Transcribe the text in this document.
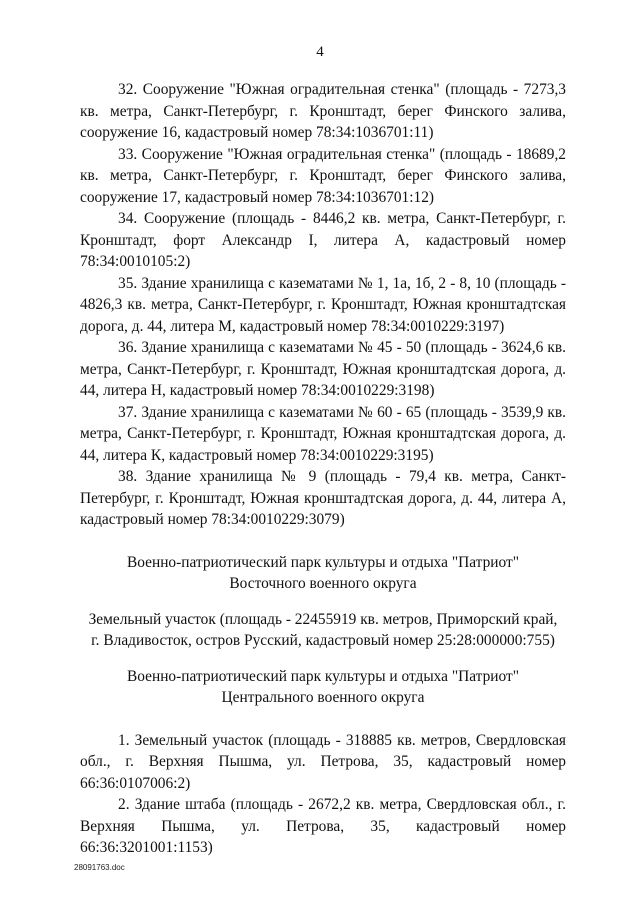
4

32. Сооружение "Южная оградительная стенка" (площадь - 7273,3 кв. метра, Санкт-Петербург, г. Кронштадт, берег Финского залива, сооружение 16, кадастровый номер 78:34:1036701:11)

33. Сооружение "Южная оградительная стенка" (площадь - 18689,2 кв. метра, Санкт-Петербург, г. Кронштадт, берег Финского залива, сооружение 17, кадастровый номер 78:34:1036701:12)

34. Сооружение (площадь - 8446,2 кв. метра, Санкт-Петербург, г. Кронштадт, форт Александр I, литера А, кадастровый номер 78:34:0010105:2)

35. Здание хранилища с казематами № 1, 1а, 1б, 2 - 8, 10 (площадь - 4826,3 кв. метра, Санкт-Петербург, г. Кронштадт, Южная кронштадтская дорога, д. 44, литера М, кадастровый номер 78:34:0010229:3197)

36. Здание хранилища с казематами № 45 - 50 (площадь - 3624,6 кв. метра, Санкт-Петербург, г. Кронштадт, Южная кронштадтская дорога, д. 44, литера Н, кадастровый номер 78:34:0010229:3198)

37. Здание хранилища с казематами № 60 - 65 (площадь - 3539,9 кв. метра, Санкт-Петербург, г. Кронштадт, Южная кронштадтская дорога, д. 44, литера К, кадастровый номер 78:34:0010229:3195)

38. Здание хранилища № 9 (площадь - 79,4 кв. метра, Санкт-Петербург, г. Кронштадт, Южная кронштадтская дорога, д. 44, литера А, кадастровый номер 78:34:0010229:3079)

Военно-патриотический парк культуры и отдыха "Патриот"

Восточного военного округа

Земельный участок (площадь - 22455919 кв. метров, Приморский край,

г. Владивосток, остров Русский, кадастровый номер 25:28:000000:755)

Военно-патриотический парк культуры и отдыха "Патриот"

Центрального военного округа

1. Земельный участок (площадь - 318885 кв. метров, Свердловская обл., г. Верхняя Пышма, ул. Петрова, 35, кадастровый номер 66:36:0107006:2)

2. Здание штаба (площадь - 2672,2 кв. метра, Свердловская обл., г. Верхняя Пышма, ул. Петрова, 35, кадастровый номер 66:36:3201001:1153)

28091763.doc
